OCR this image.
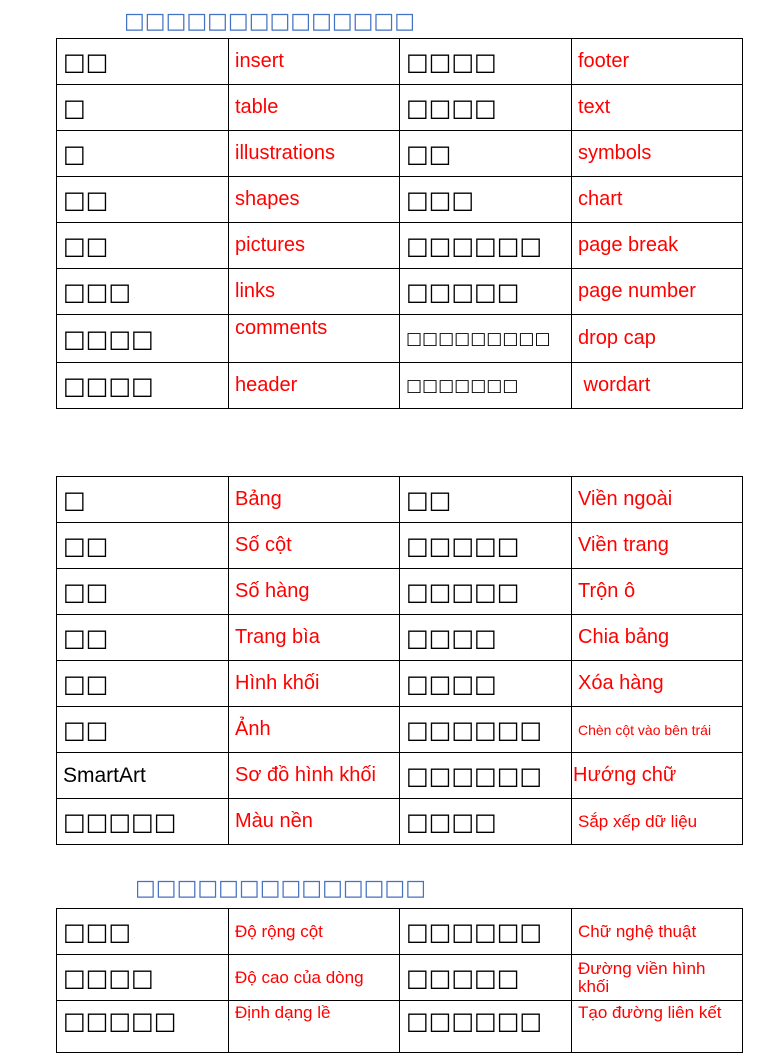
□□□□□□□□□□□□□□
□□	insert	□□□□	footer
□	table	□□□□	text
□	illustrations	□□	symbols
□□	shapes	□□□	chart
□□	pictures	□□□□□□	page break
□□□	links	□□□□□	page number
□□□□	comments	□□□□□□□□□	drop cap
□□□□	header	□□□□□□□	wordart
□	Bảng	□□	Viền ngoài
□□	Số cột	□□□□□	Viền trang
□□	Số hàng	□□□□□	Trộn ô
□□	Trang bìa	□□□□	Chia bảng
□□	Hình khối	□□□□	Xóa hàng
□□	Ảnh	□□□□□□	Chèn cột vào bên trái
SmartArt	Sơ đồ hình khối	□□□□□□	Hướng chữ
□□□□□	Màu nền	□□□□	Sắp xếp dữ liệu
□□□□□□□□□□□□□□
□□□	Độ rộng cột	□□□□□□	Chữ nghệ thuật
□□□□	Độ cao của dòng	□□□□□	Đường viền hình khối
□□□□□	Định dạng lề	□□□□□□	Tạo đường liên kết
